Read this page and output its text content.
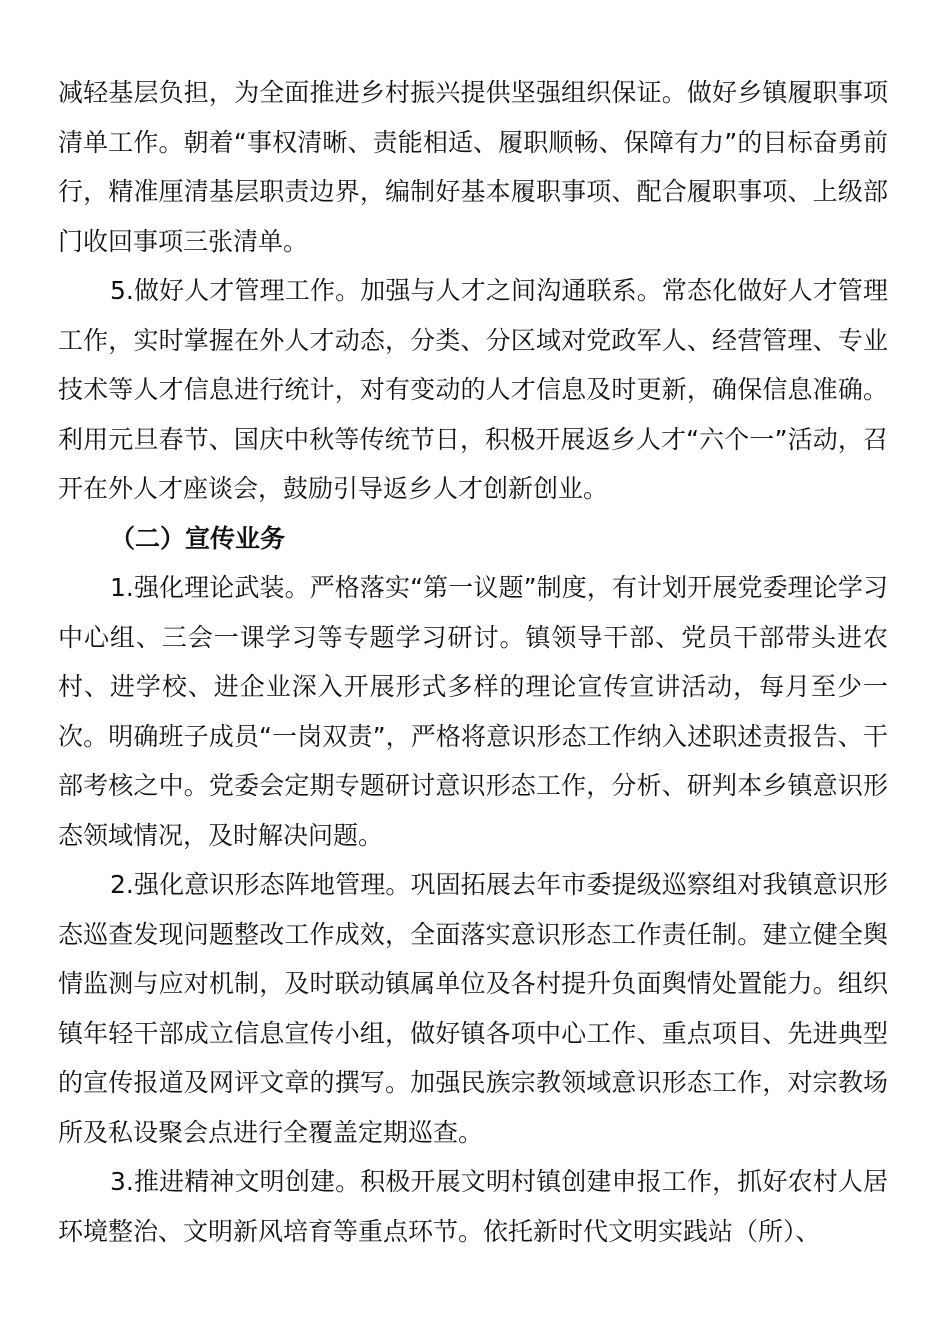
减轻基层负担，为全面推进乡村振兴提供坚强组织保证。做好乡镇履职事项清单工作。朝着“事权清晰、责能相适、履职顺畅、保障有力”的目标奋勇前行，精准厘清基层职责边界，编制好基本履职事项、配合履职事项、上级部门收回事项三张清单。

5.做好人才管理工作。加强与人才之间沟通联系。常态化做好人才管理工作，实时掌握在外人才动态，分类、分区域对党政军人、经营管理、专业技术等人才信息进行统计，对有变动的人才信息及时更新，确保信息准确。利用元旦春节、国庆中秋等传统节日，积极开展返乡人才“六个一”活动，召开在外人才座谈会，鼓励引导返乡人才创新创业。

（二）宣传业务

1.强化理论武装。严格落实“第一议题”制度，有计划开展党委理论学习中心组、三会一课学习等专题学习研讨。镇领导干部、党员干部带头进农村、进学校、进企业深入开展形式多样的理论宣传宣讲活动，每月至少一次。明确班子成员“一岗双责”，严格将意识形态工作纳入述职述责报告、干部考核之中。党委会定期专题研讨意识形态工作，分析、研判本乡镇意识形态领域情况，及时解决问题。

2.强化意识形态阵地管理。巩固拓展去年市委提级巡察组对我镇意识形态巡查发现问题整改工作成效，全面落实意识形态工作责任制。建立健全舆情监测与应对机制，及时联动镇属单位及各村提升负面舆情处置能力。组织镇年轻干部成立信息宣传小组，做好镇各项中心工作、重点项目、先进典型的宣传报道及网评文章的撰写。加强民族宗教领域意识形态工作，对宗教场所及私设聚会点进行全覆盖定期巡查。

3.推进精神文明创建。积极开展文明村镇创建申报工作，抓好农村人居环境整治、文明新风培育等重点环节。依托新时代文明实践站（所）、
